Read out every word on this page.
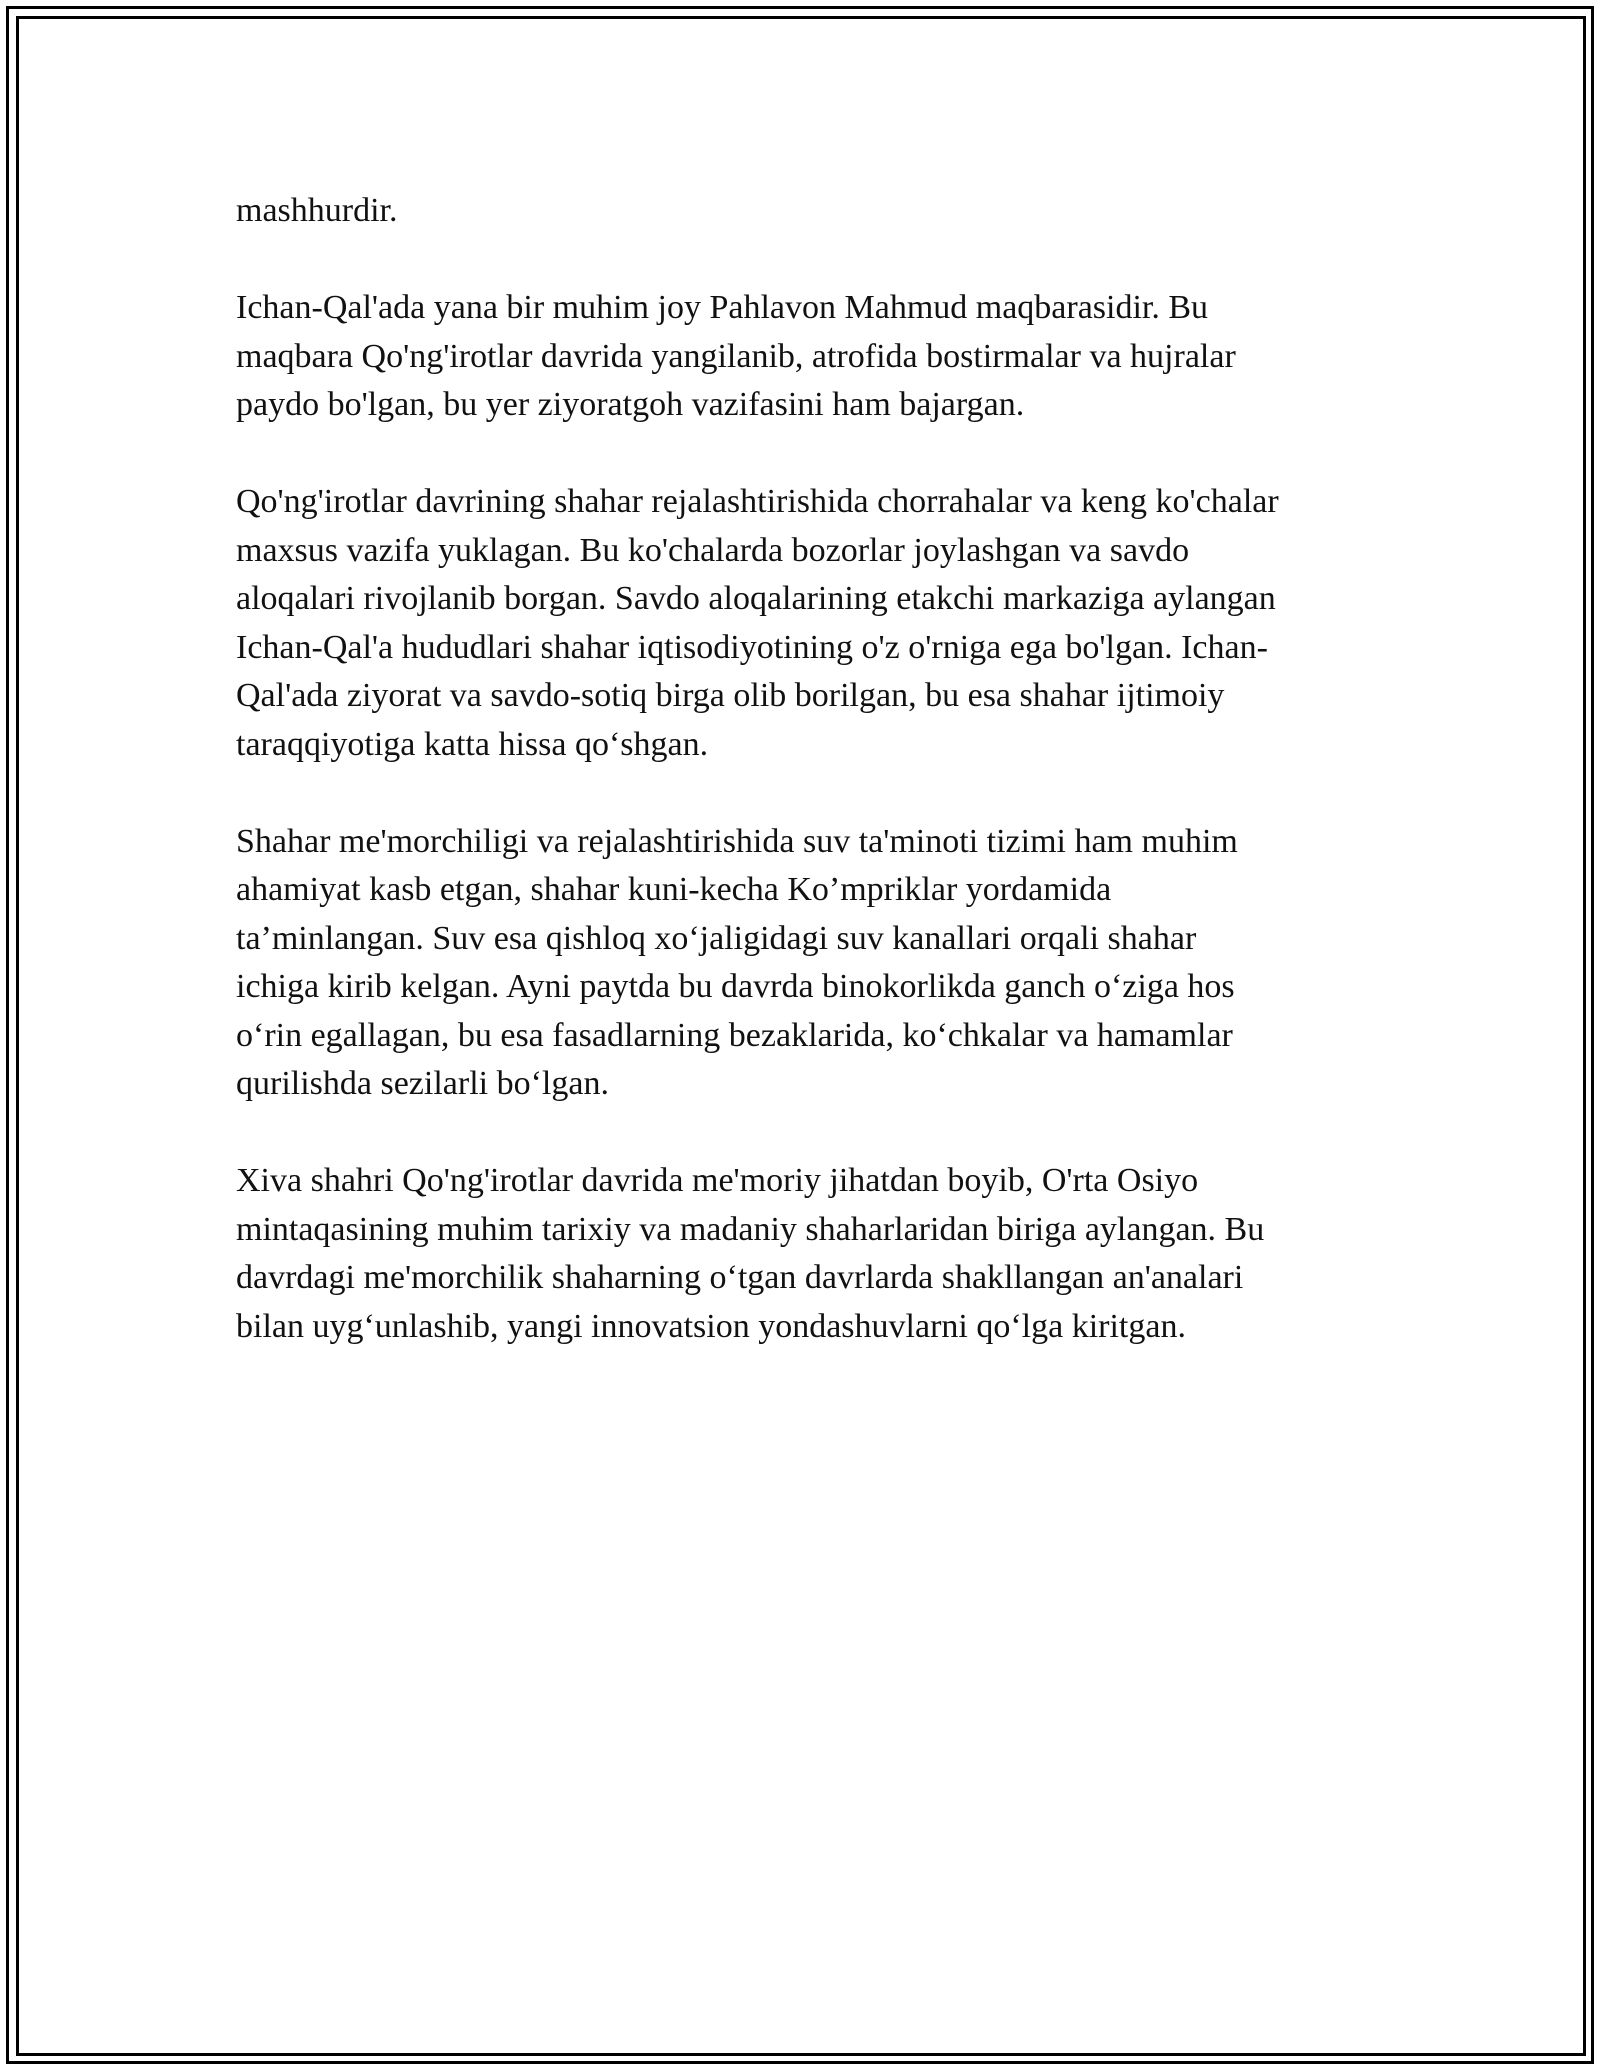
mashhurdir.

Ichan-Qal'ada yana bir muhim joy Pahlavon Mahmud maqbarasidir. Bu
maqbara Qo'ng'irotlar davrida yangilanib, atrofida bostirmalar va hujralar
paydo bo'lgan, bu yer ziyoratgoh vazifasini ham bajargan.

Qo'ng'irotlar davrining shahar rejalashtirishida chorrahalar va keng ko'chalar
maxsus vazifa yuklagan. Bu ko'chalarda bozorlar joylashgan va savdo
aloqalari rivojlanib borgan. Savdo aloqalarining etakchi markaziga aylangan
Ichan-Qal'a hududlari shahar iqtisodiyotining o'z o'rniga ega bo'lgan. Ichan-
Qal'ada ziyorat va savdo-sotiq birga olib borilgan, bu esa shahar ijtimoiy
taraqqiyotiga katta hissa qo‘shgan.

Shahar me'morchiligi va rejalashtirishida suv ta'minoti tizimi ham muhim
ahamiyat kasb etgan, shahar kuni-kecha Ko’mpriklar yordamida
ta’minlangan. Suv esa qishloq xo‘jaligidagi suv kanallari orqali shahar
ichiga kirib kelgan. Ayni paytda bu davrda binokorlikda ganch o‘ziga hos
o‘rin egallagan, bu esa fasadlarning bezaklarida, ko‘chkalar va hamamlar
qurilishda sezilarli bo‘lgan.

Xiva shahri Qo'ng'irotlar davrida me'moriy jihatdan boyib, O'rta Osiyo
mintaqasining muhim tarixiy va madaniy shaharlaridan biriga aylangan. Bu
davrdagi me'morchilik shaharning o‘tgan davrlarda shakllangan an'analari
bilan uyg‘unlashib, yangi innovatsion yondashuvlarni qo‘lga kiritgan.
